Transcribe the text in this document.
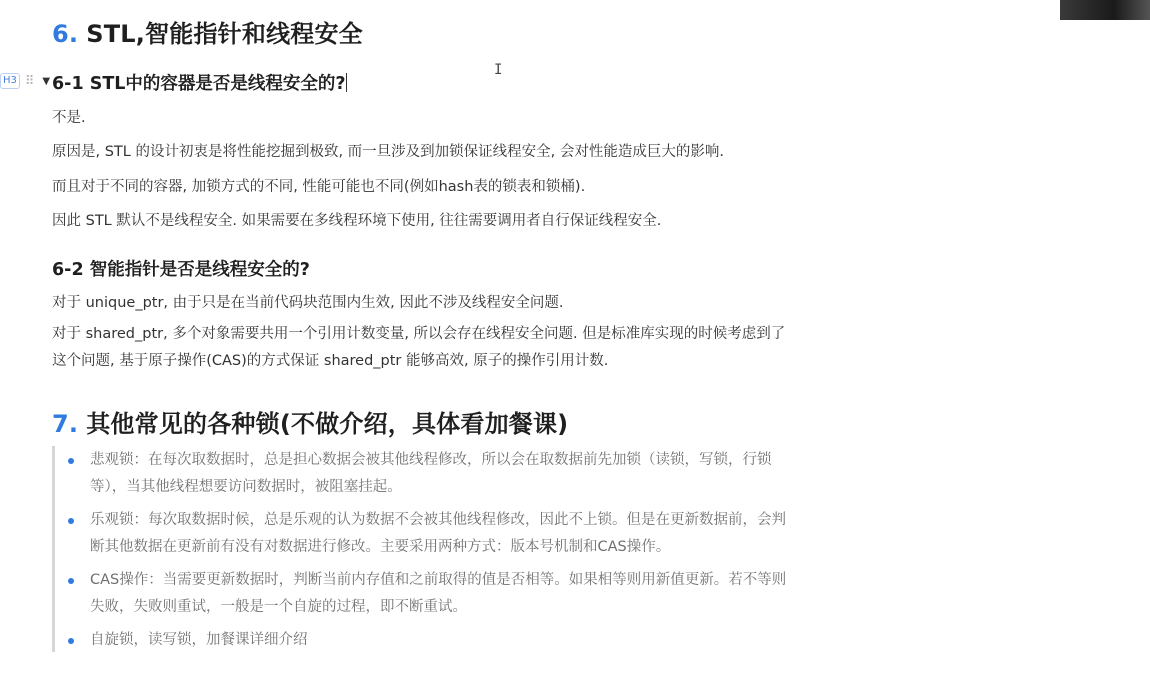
6. STL,智能指针和线程安全
H3 ⠿ ▼ 6-1 STL中的容器是否是线程安全的?
I

不是.

原因是, STL 的设计初衷是将性能挖掘到极致, 而一旦涉及到加锁保证线程安全, 会对性能造成巨大的影响.

而且对于不同的容器, 加锁方式的不同, 性能可能也不同(例如hash表的锁表和锁桶).

因此 STL 默认不是线程安全. 如果需要在多线程环境下使用, 往往需要调用者自行保证线程安全.

6-2 智能指针是否是线程安全的?

对于 unique_ptr, 由于只是在当前代码块范围内生效, 因此不涉及线程安全问题.

对于 shared_ptr, 多个对象需要共用一个引用计数变量, 所以会存在线程安全问题. 但是标准库实现的时候考虑到了
这个问题, 基于原子操作(CAS)的方式保证 shared_ptr 能够高效, 原子的操作引用计数.

7. 其他常见的各种锁(不做介绍，具体看加餐课)

悲观锁：在每次取数据时，总是担心数据会被其他线程修改，所以会在取数据前先加锁（读锁，写锁，行锁
等），当其他线程想要访问数据时，被阻塞挂起。

乐观锁：每次取数据时候，总是乐观的认为数据不会被其他线程修改，因此不上锁。但是在更新数据前，会判
断其他数据在更新前有没有对数据进行修改。主要采用两种方式：版本号机制和CAS操作。

CAS操作：当需要更新数据时，判断当前内存值和之前取得的值是否相等。如果相等则用新值更新。若不等则
失败，失败则重试，一般是一个自旋的过程，即不断重试。

自旋锁，读写锁，加餐课详细介绍
